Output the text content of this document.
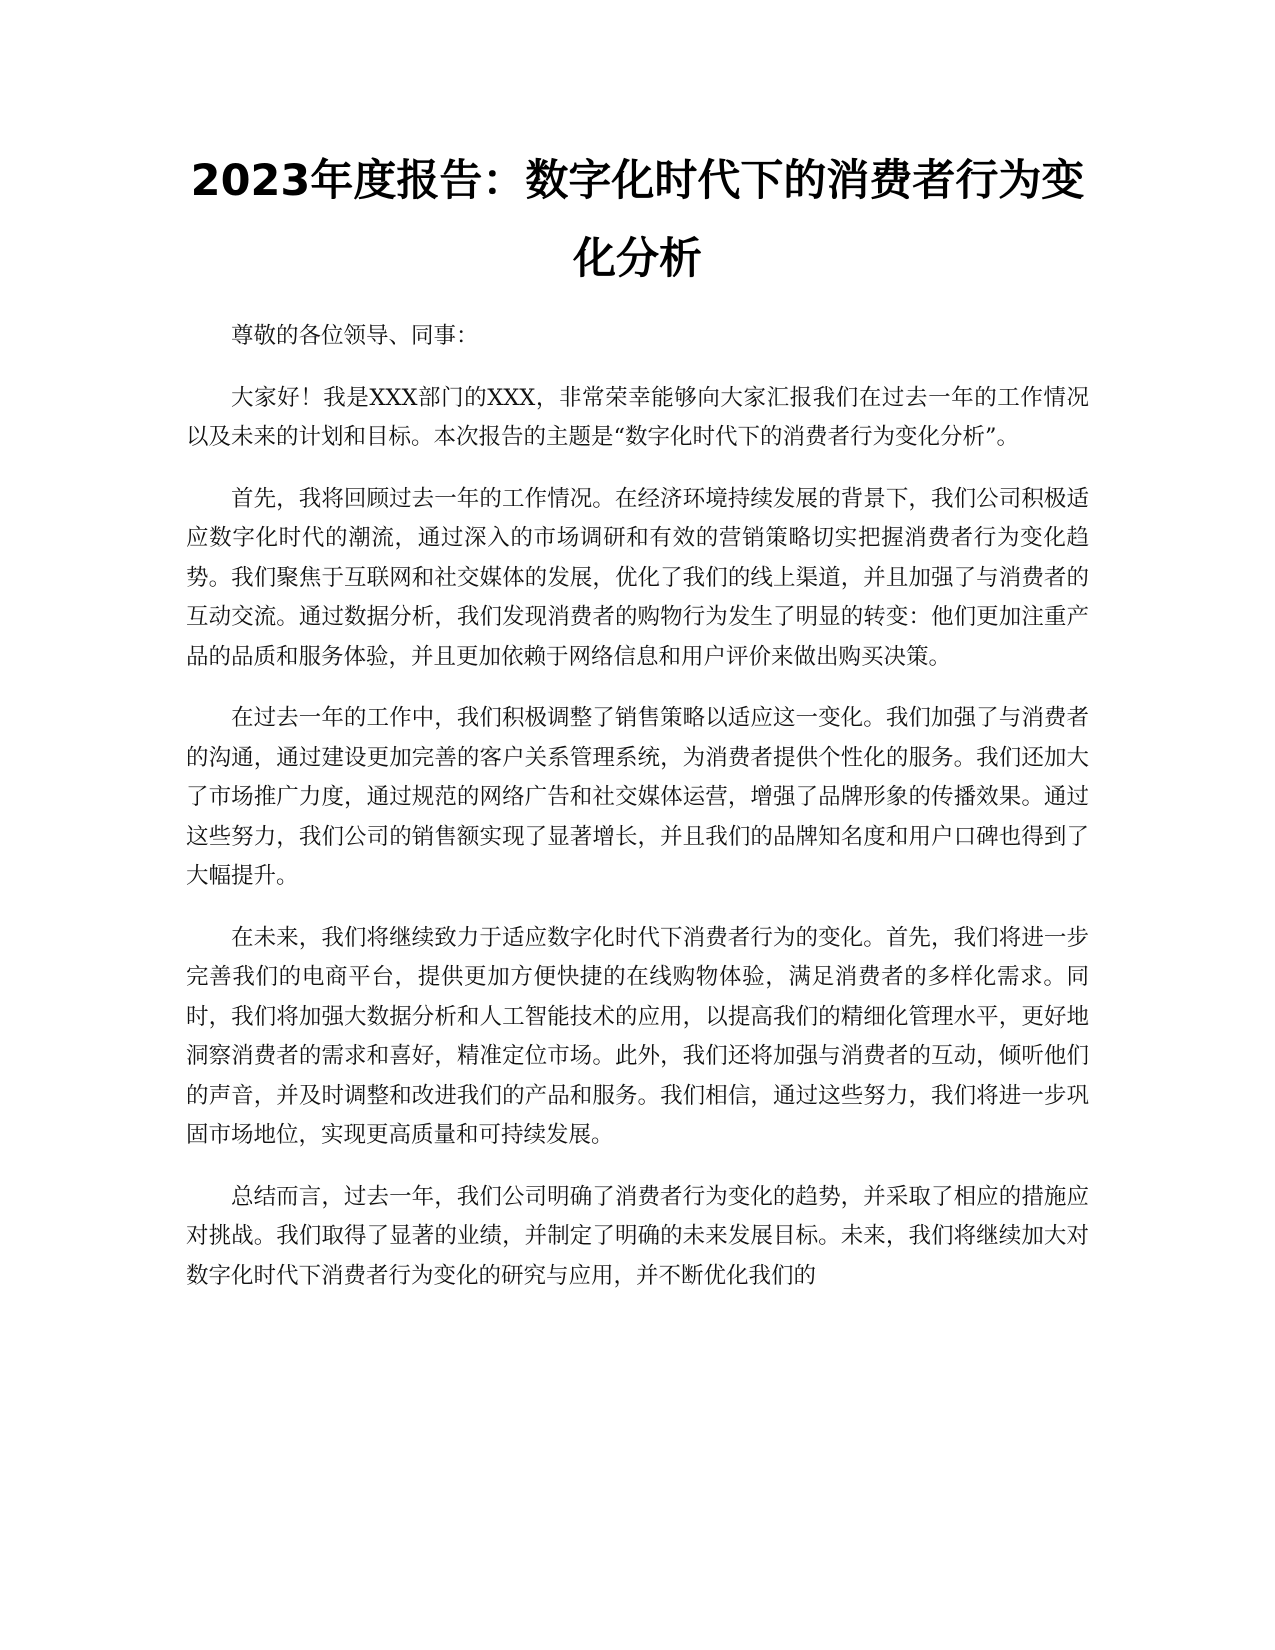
2023年度报告：数字化时代下的消费者行为变化分析

尊敬的各位领导、同事：

大家好！我是XXX部门的XXX，非常荣幸能够向大家汇报我们在过去一年的工作情况以及未来的计划和目标。本次报告的主题是“数字化时代下的消费者行为变化分析”。

首先，我将回顾过去一年的工作情况。在经济环境持续发展的背景下，我们公司积极适应数字化时代的潮流，通过深入的市场调研和有效的营销策略切实把握消费者行为变化趋势。我们聚焦于互联网和社交媒体的发展，优化了我们的线上渠道，并且加强了与消费者的互动交流。通过数据分析，我们发现消费者的购物行为发生了明显的转变：他们更加注重产品的品质和服务体验，并且更加依赖于网络信息和用户评价来做出购买决策。

在过去一年的工作中，我们积极调整了销售策略以适应这一变化。我们加强了与消费者的沟通，通过建设更加完善的客户关系管理系统，为消费者提供个性化的服务。我们还加大了市场推广力度，通过规范的网络广告和社交媒体运营，增强了品牌形象的传播效果。通过这些努力，我们公司的销售额实现了显著增长，并且我们的品牌知名度和用户口碑也得到了大幅提升。

在未来，我们将继续致力于适应数字化时代下消费者行为的变化。首先，我们将进一步完善我们的电商平台，提供更加方便快捷的在线购物体验，满足消费者的多样化需求。同时，我们将加强大数据分析和人工智能技术的应用，以提高我们的精细化管理水平，更好地洞察消费者的需求和喜好，精准定位市场。此外，我们还将加强与消费者的互动，倾听他们的声音，并及时调整和改进我们的产品和服务。我们相信，通过这些努力，我们将进一步巩固市场地位，实现更高质量和可持续发展。

总结而言，过去一年，我们公司明确了消费者行为变化的趋势，并采取了相应的措施应对挑战。我们取得了显著的业绩，并制定了明确的未来发展目标。未来，我们将继续加大对数字化时代下消费者行为变化的研究与应用，并不断优化我们的
